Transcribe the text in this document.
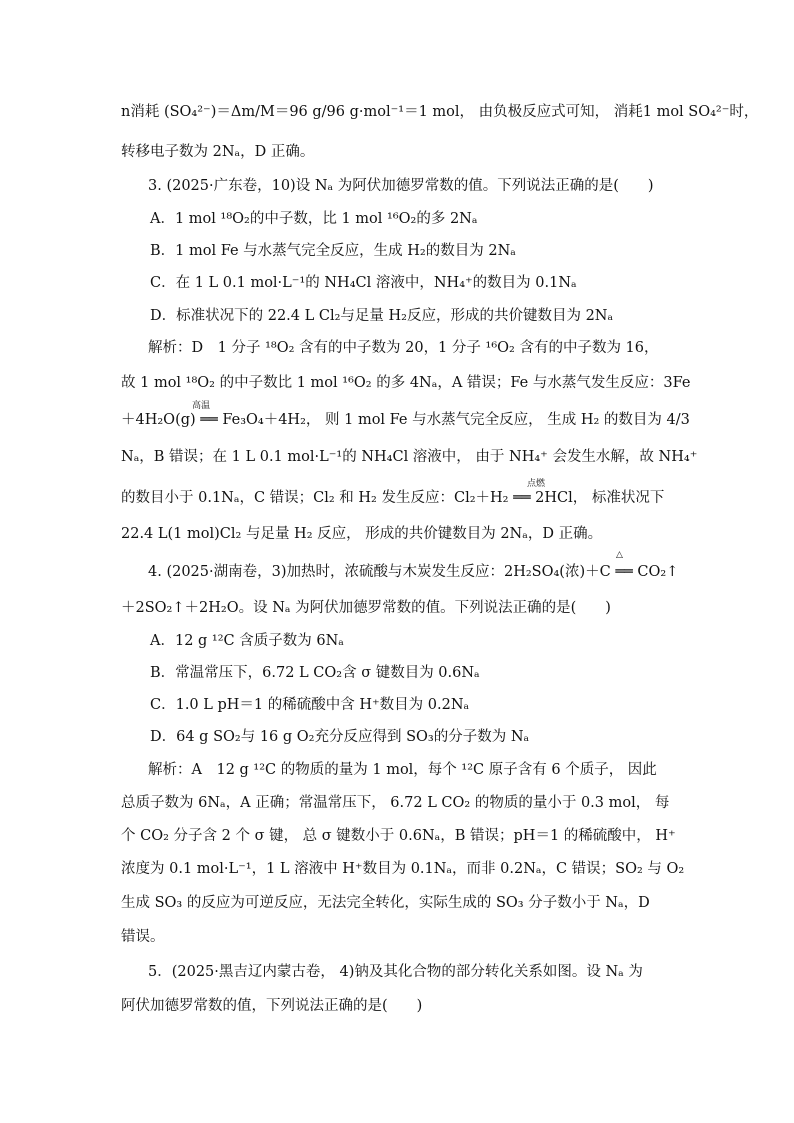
n消耗 (SO₄²⁻)＝Δm/M＝96 g/96 g·mol⁻¹＝1 mol， 由负极反应式可知， 消耗1 mol SO₄²⁻时，
转移电子数为 2Nₐ，D 正确。
3. (2025·广东卷，10)设 Nₐ 为阿伏加德罗常数的值。下列说法正确的是(　　)
A．1 mol ¹⁸O₂的中子数，比 1 mol ¹⁶O₂的多 2Nₐ
B．1 mol Fe 与水蒸气完全反应，生成 H₂的数目为 2Nₐ
C．在 1 L 0.1 mol·L⁻¹的 NH₄Cl 溶液中，NH₄⁺的数目为 0.1Nₐ
D．标准状况下的 22.4 L Cl₂与足量 H₂反应，形成的共价键数目为 2Nₐ
解析：D　1 分子 ¹⁸O₂ 含有的中子数为 20，1 分子 ¹⁶O₂ 含有的中子数为 16，
故 1 mol ¹⁸O₂ 的中子数比 1 mol ¹⁶O₂ 的多 4Nₐ，A 错误；Fe 与水蒸气发生反应：3Fe
高温
＋4H₂O(g) ══ Fe₃O₄＋4H₂， 则 1 mol Fe 与水蒸气完全反应， 生成 H₂ 的数目为 4/3
Nₐ，B 错误；在 1 L 0.1 mol·L⁻¹的 NH₄Cl 溶液中， 由于 NH₄⁺ 会发生水解，故 NH₄⁺
点燃
的数目小于 0.1Nₐ，C 错误；Cl₂ 和 H₂ 发生反应：Cl₂＋H₂ ══ 2HCl， 标准状况下
22.4 L(1 mol)Cl₂ 与足量 H₂ 反应， 形成的共价键数目为 2Nₐ，D 正确。
△
4. (2025·湖南卷，3)加热时，浓硫酸与木炭发生反应：2H₂SO₄(浓)＋C ══ CO₂↑
＋2SO₂↑＋2H₂O。设 Nₐ 为阿伏加德罗常数的值。下列说法正确的是(　　)
A．12 g ¹²C 含质子数为 6Nₐ
B．常温常压下，6.72 L CO₂含 σ 键数目为 0.6Nₐ
C．1.0 L pH＝1 的稀硫酸中含 H⁺数目为 0.2Nₐ
D．64 g SO₂与 16 g O₂充分反应得到 SO₃的分子数为 Nₐ
解析：A　12 g ¹²C 的物质的量为 1 mol，每个 ¹²C 原子含有 6 个质子， 因此
总质子数为 6Nₐ，A 正确；常温常压下， 6.72 L CO₂ 的物质的量小于 0.3 mol， 每
个 CO₂ 分子含 2 个 σ 键， 总 σ 键数小于 0.6Nₐ，B 错误；pH＝1 的稀硫酸中， H⁺
浓度为 0.1 mol·L⁻¹，1 L 溶液中 H⁺数目为 0.1Nₐ，而非 0.2Nₐ，C 错误；SO₂ 与 O₂
生成 SO₃ 的反应为可逆反应，无法完全转化，实际生成的 SO₃ 分子数小于 Nₐ，D
错误。
5．(2025·黑吉辽内蒙古卷， 4)钠及其化合物的部分转化关系如图。设 Nₐ 为
阿伏加德罗常数的值，下列说法正确的是(　　)
